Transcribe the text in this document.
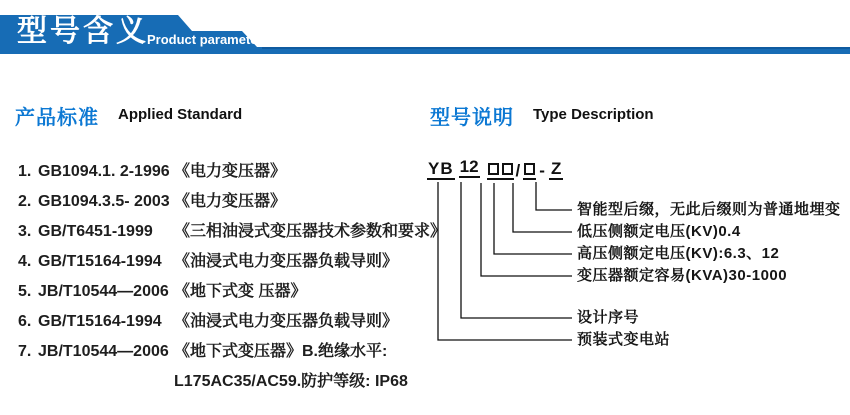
型号含义
Product parameters
产品标准 Applied Standard	型号说明 Type Description
1. GB1094.1. 2-1996 《电力变压器》
2. GB1094.3.5- 2003 《电力变压器》
3. GB/T6451-1999	《三相油浸式变压器技术参数和要求》
4. GB/T15164-1994 《油浸式电力变压器负载导则》
5. JB/T10544—2006 《地下式变 压器》
6. GB/T15164-1994 《油浸式电力变压器负载导则》
7. JB/T10544—2006 《地下式变压器》B.绝缘水平:
L175AC35/AC59.防护等级: IP68
YB 12 / - Z
智能型后缀，无此后缀则为普通地埋变
低压侧额定电压(KV)0.4
高压侧额定电压(KV):6.3、12
变压器额定容易(KVA)30-1000
设计序号
预装式变电站
